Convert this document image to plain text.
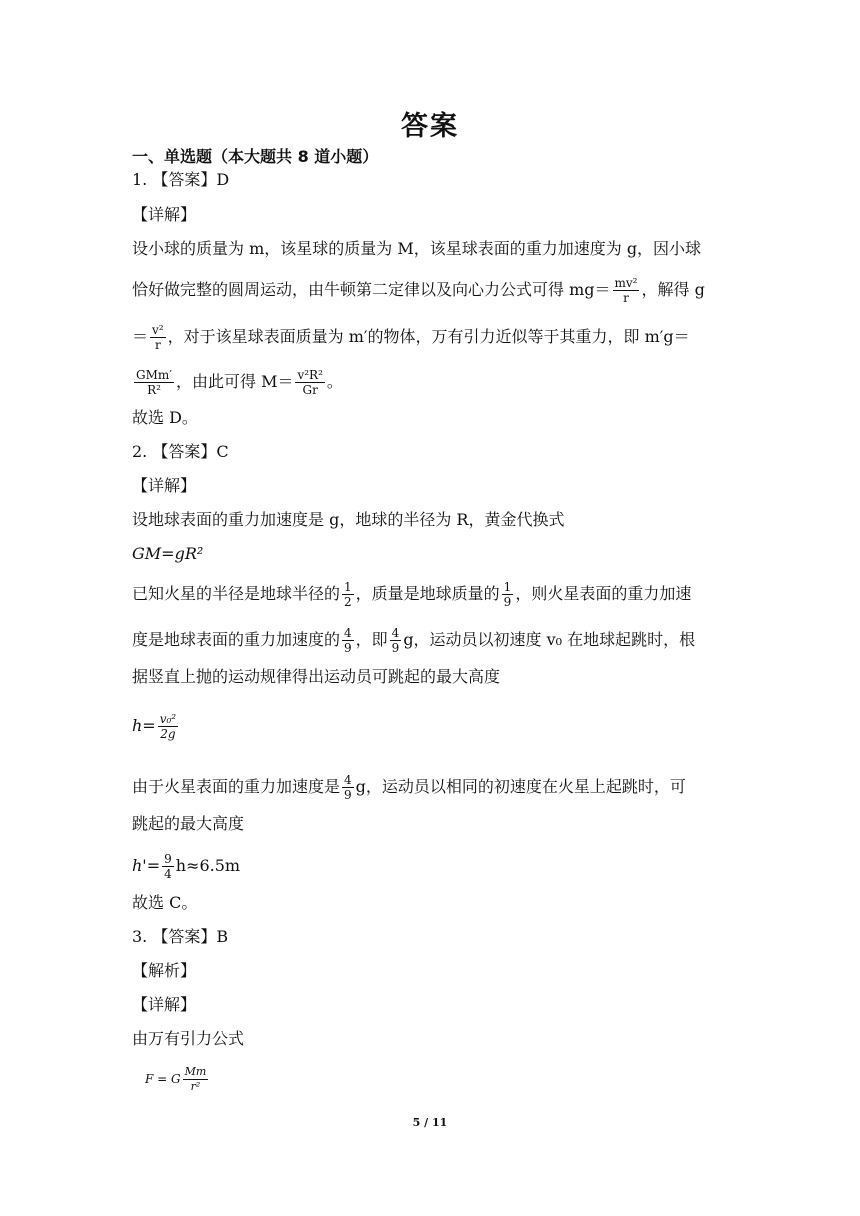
答案
一、单选题（本大题共 8 道小题）
1. 【答案】D
【详解】
设小球的质量为 m，该星球的质量为 M，该星球表面的重力加速度为 g，因小球
恰好做完整的圆周运动，由牛顿第二定律以及向心力公式可得 $mg= \frac{\text{mv²}}{r}$ ，解得 g
＝ $\frac{\text{v²}}{r}$ ，对于该星球表面质量为 m′的物体，万有引力近似等于其重力，即 m′g＝
$\frac{\text{GMm′}}{\text{R²}}$ ，由此可得 $M= \frac{\text{v²R²}}{Gr}$ 。
故选 D。
2. 【答案】C
【详解】
设地球表面的重力加速度是 g，地球的半径为 R，黄金代换式
GM=gR²
已知火星的半径是地球半径的 $\frac{1}{2}$ ，质量是地球质量的 $\frac{1}{9}$ ，则火星表面的重力加速
度是地球表面的重力加速度的 $\frac{4}{9}$ ，即 $\frac{4}{9}$ g，运动员以初速度 v₀ 在地球起跳时，根
据竖直上抛的运动规律得出运动员可跳起的最大高度
$h= \frac{\text{v₀²}}{2g}$
由于火星表面的重力加速度是 $\frac{4}{9}$ g，运动员以相同的初速度在火星上起跳时，可
跳起的最大高度
$h'= \frac{9}{4} h\approx 6.5m$
故选 C。
3. 【答案】B
【解析】
【详解】
由万有引力公式
F = G $\frac{Mm}{\text{r²}}$
5 / 11
